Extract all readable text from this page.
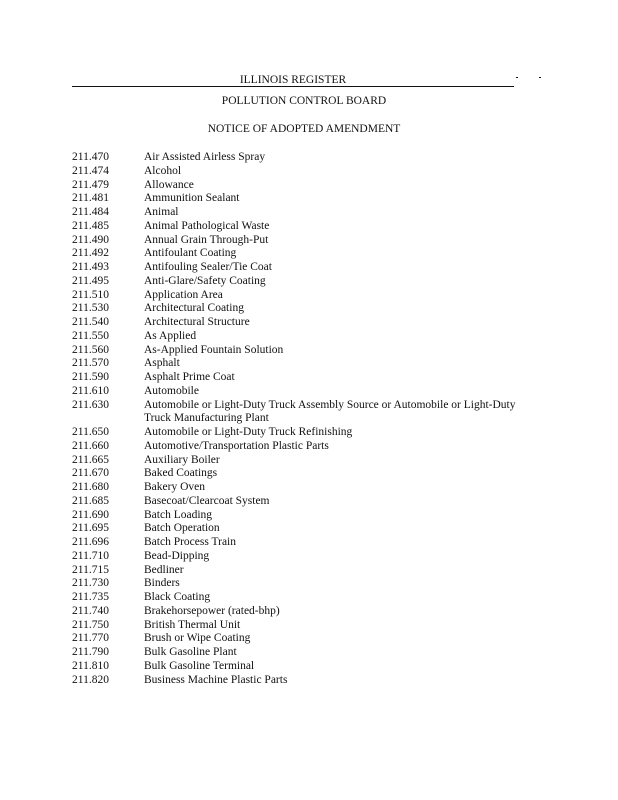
ILLINOIS REGISTER
POLLUTION CONTROL BOARD
NOTICE OF ADOPTED AMENDMENT
211.470	Air Assisted Airless Spray
211.474	Alcohol
211.479	Allowance
211.481	Ammunition Sealant
211.484	Animal
211.485	Animal Pathological Waste
211.490	Annual Grain Through-Put
211.492	Antifoulant Coating
211.493	Antifouling Sealer/Tie Coat
211.495	Anti-Glare/Safety Coating
211.510	Application Area
211.530	Architectural Coating
211.540	Architectural Structure
211.550	As Applied
211.560	As-Applied Fountain Solution
211.570	Asphalt
211.590	Asphalt Prime Coat
211.610	Automobile
211.630	Automobile or Light-Duty Truck Assembly Source or Automobile or Light-Duty Truck Manufacturing Plant
211.650	Automobile or Light-Duty Truck Refinishing
211.660	Automotive/Transportation Plastic Parts
211.665	Auxiliary Boiler
211.670	Baked Coatings
211.680	Bakery Oven
211.685	Basecoat/Clearcoat System
211.690	Batch Loading
211.695	Batch Operation
211.696	Batch Process Train
211.710	Bead-Dipping
211.715	Bedliner
211.730	Binders
211.735	Black Coating
211.740	Brakehorsepower (rated-bhp)
211.750	British Thermal Unit
211.770	Brush or Wipe Coating
211.790	Bulk Gasoline Plant
211.810	Bulk Gasoline Terminal
211.820	Business Machine Plastic Parts
